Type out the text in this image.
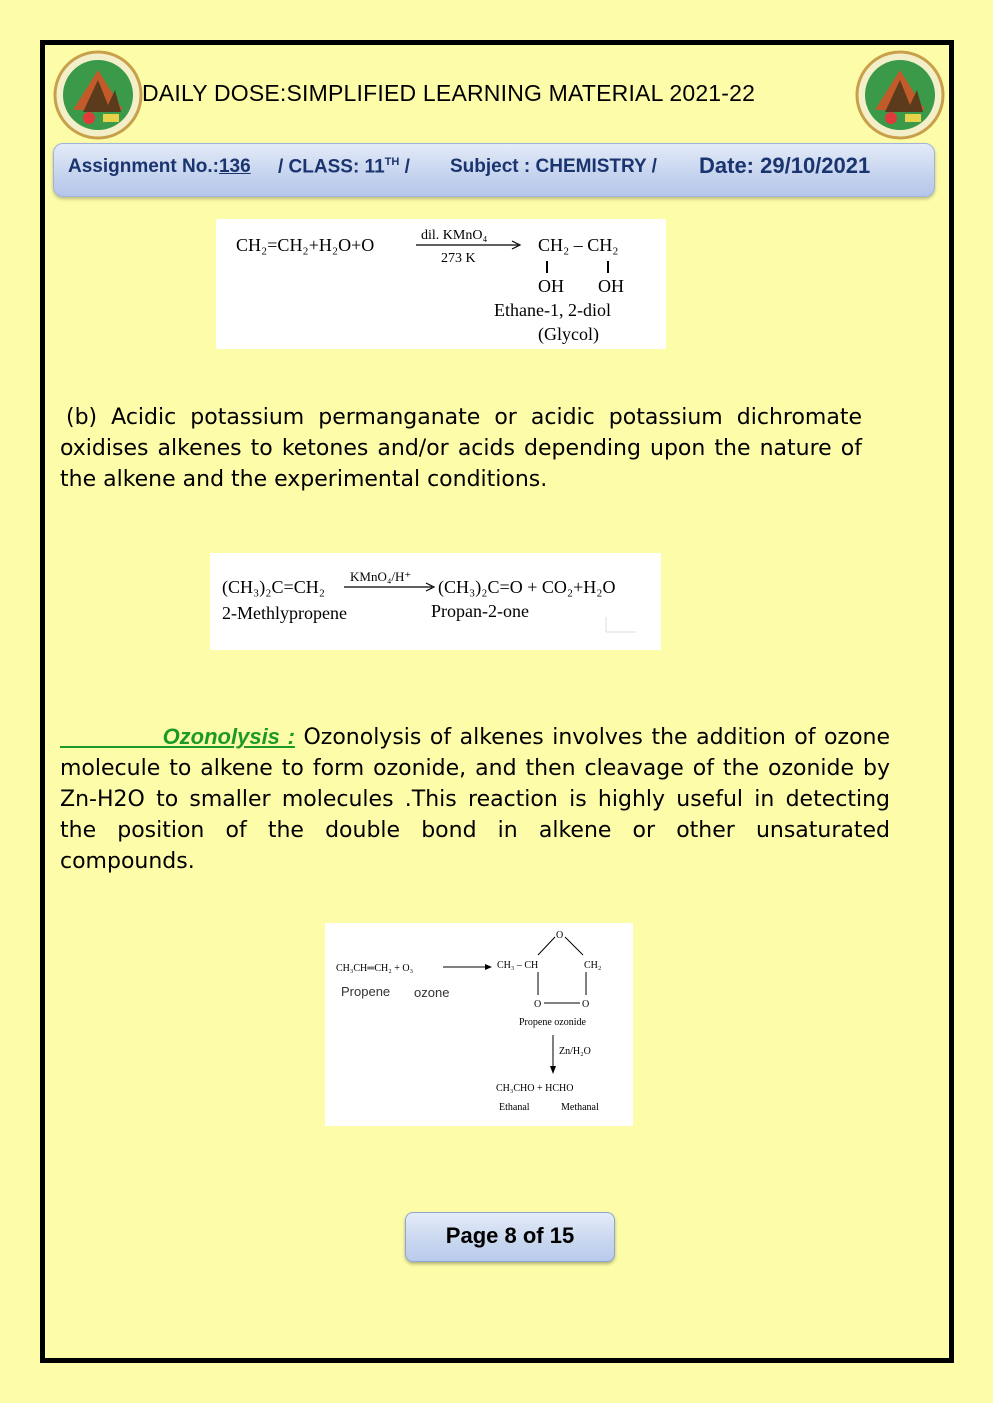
DAILY DOSE:SIMPLIFIED LEARNING MATERIAL 2021-22
Assignment No.:136 / CLASS: 11TH / Subject : CHEMISTRY / Date: 29/10/2021
CH₂=CH₂+H₂O+O	dil. KMnO₄
273 K
CH₂ – CH₂
OH OH
Ethane-1, 2-diol
(Glycol)
(b) Acidic potassium permanganate or acidic potassium dichromate oxidises alkenes to ketones and/or acids depending upon the nature of the alkene and the experimental conditions.
(CH₃)₂C=CH₂
KMnO₄/H⁺
(CH₃)₂C=O + CO₂+H₂O
2-Methlypropene	Propan-2-one
Ozonolysis : Ozonolysis of alkenes involves the addition of ozone molecule to alkene to form ozonide, and then cleavage of the ozonide by Zn-H2O to smaller molecules .This reaction is highly useful in detecting the position of the double bond in alkene or other unsaturated compounds.
CH₃CH═CH₂ + O₃
Propene ozone
O
CH₃ – CH	CH₂
O	O
Propene ozonide
Zn/H₂O
CH₃CHO + HCHO
Ethanal	Methanal
Page 8 of 15
